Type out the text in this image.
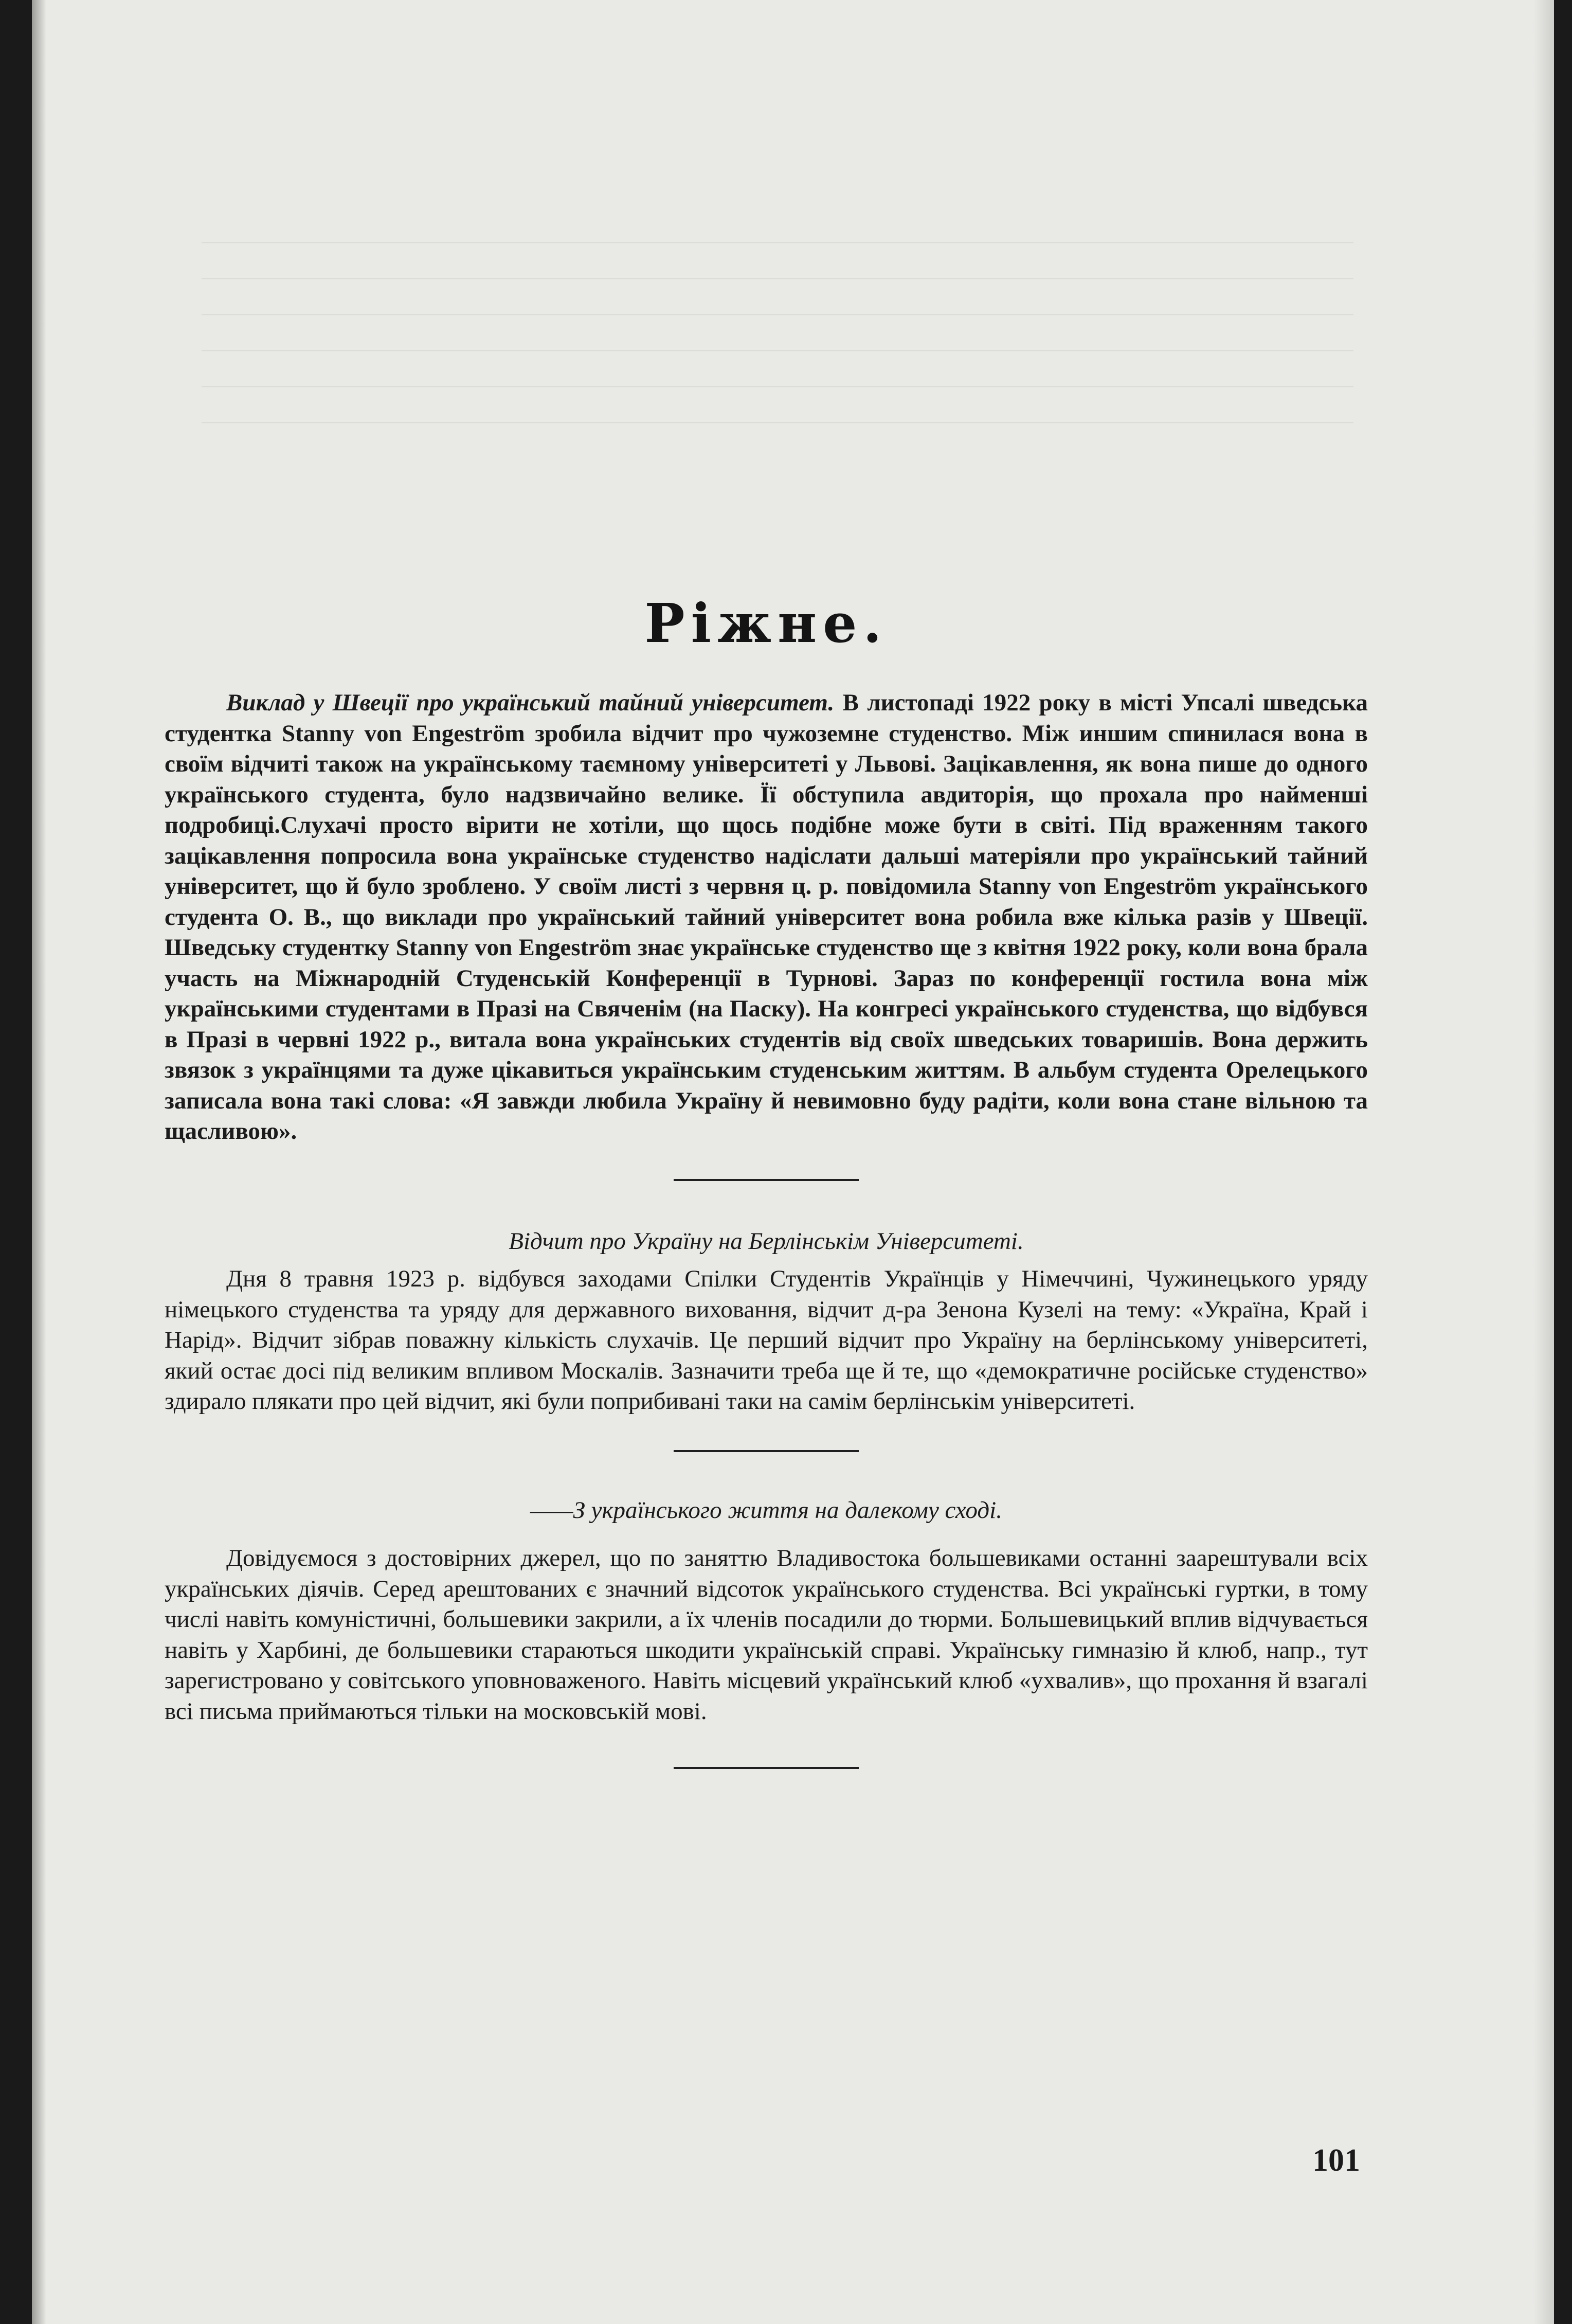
Ріжне.

Виклад у Швеції про український тайний університет. В листопаді 1922 року в місті Упсалі шведська студентка Stanny von Engeström зробила відчит про чужоземне студенство. Між иншим спинилася вона в своїм відчиті також на українському таємному університеті у Львові. Зацікавлення, як вона пише до одного українського студента, було надзвичайно велике. Її обступила авдиторія, що прохала про найменші подробиці.Слухачі просто вірити не хотіли, що щось подібне може бути в світі. Під враженням такого зацікавлення попросила вона українське студенство надіслати дальші матеріяли про український тайний університет, що й було зроблено. У своїм листі з червня ц. р. повідомила Stanny von Engeström українського студента О. В., що виклади про український тайний університет вона робила вже кілька разів у Швеції. Шведську студентку Stanny von Engeström знає українське студенство ще з квітня 1922 року, коли вона брала участь на Міжнародній Студенській Конференції в Турнові. Зараз по конференції гостила вона між українськими студентами в Празі на Свяченім (на Паску). На конгресі українського студенства, що відбувся в Празі в червні 1922 р., витала вона українських студентів від своїх шведських товаришів. Вона держить звязок з українцями та дуже цікавиться українським студенським життям. В альбум студента Орелецького записала вона такі слова: «Я завжди любила Україну й невимовно буду радіти, коли вона стане вільною та щасливою».

Відчит про Україну на Берлінськім Університеті.

Дня 8 травня 1923 р. відбувся заходами Спілки Студентів Українців у Німеччині, Чужинецького уряду німецького студенства та уряду для державного виховання, відчит д-ра Зенона Кузелі на тему: «Україна, Край і Нарід». Відчит зібрав поважну кількість слухачів. Це перший відчит про Україну на берлінському університеті, який остає досі під великим впливом Москалів. Зазначити треба ще й те, що «демократичне російське студенство» здирало плякати про цей відчит, які були поприбивані таки на самім берлінськім університеті.

——З українського життя на далекому сході.

Довідуємося з достовірних джерел, що по заняттю Владивостока большевиками останні заарештували всіх українських діячів. Серед арештованих є значний відсоток українського студенства. Всі українські гуртки, в тому числі навіть комуністичні, большевики закрили, а їх членів посадили до тюрми. Большевицький вплив відчувається навіть у Харбині, де большевики стараються шкодити українській справі. Українську гимназію й клюб, напр., тут зарегистровано у совітського уповноваженого. Навіть місцевий український клюб «ухвалив», що прохання й взагалі всі письма приймаються тільки на московській мові.

101
